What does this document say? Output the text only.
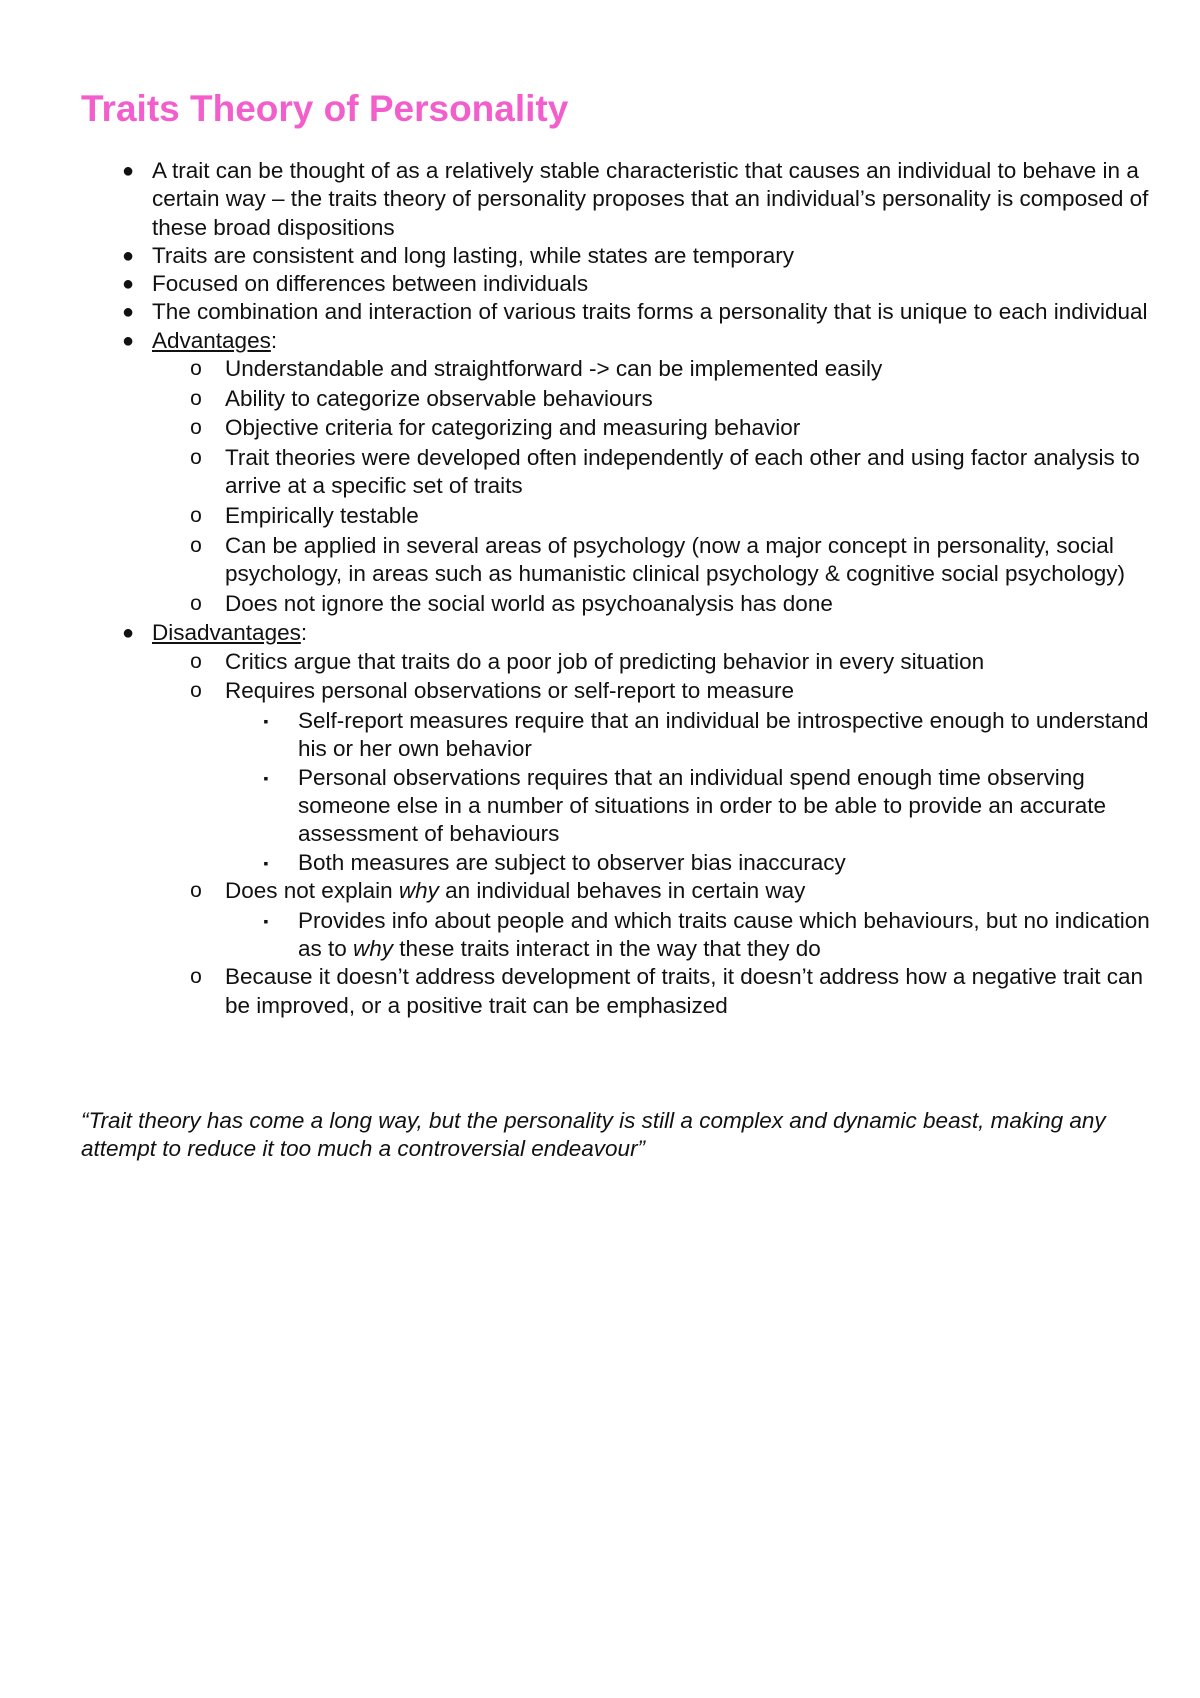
Traits Theory of Personality
● A trait can be thought of as a relatively stable characteristic that causes an individual to behave in a certain way – the traits theory of personality proposes that an individual’s personality is composed of these broad dispositions
● Traits are consistent and long lasting, while states are temporary
● Focused on differences between individuals
● The combination and interaction of various traits forms a personality that is unique to each individual
● Advantages:
o Understandable and straightforward -> can be implemented easily
o Ability to categorize observable behaviours
o Objective criteria for categorizing and measuring behavior
o Trait theories were developed often independently of each other and using factor analysis to arrive at a specific set of traits
o Empirically testable
o Can be applied in several areas of psychology (now a major concept in personality, social psychology, in areas such as humanistic clinical psychology & cognitive social psychology)
o Does not ignore the social world as psychoanalysis has done
● Disadvantages:
o Critics argue that traits do a poor job of predicting behavior in every situation
o Requires personal observations or self-report to measure
▪ Self-report measures require that an individual be introspective enough to understand his or her own behavior
▪ Personal observations requires that an individual spend enough time observing someone else in a number of situations in order to be able to provide an accurate assessment of behaviours
▪ Both measures are subject to observer bias inaccuracy
o Does not explain why an individual behaves in certain way
▪ Provides info about people and which traits cause which behaviours, but no indication as to why these traits interact in the way that they do
o Because it doesn’t address development of traits, it doesn’t address how a negative trait can be improved, or a positive trait can be emphasized
“Trait theory has come a long way, but the personality is still a complex and dynamic beast, making any attempt to reduce it too much a controversial endeavour”
